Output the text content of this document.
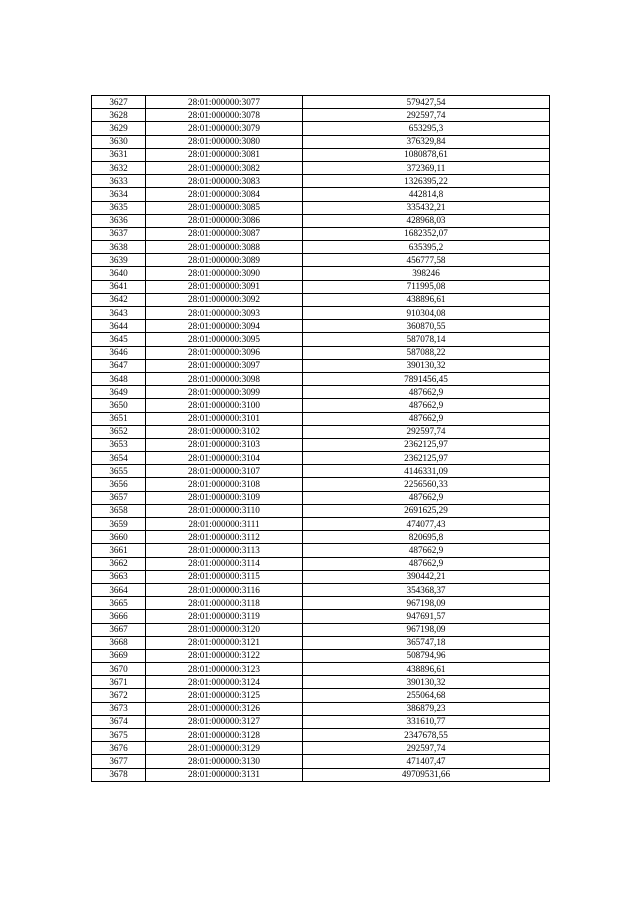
3627	28:01:000000:3077	579427,54
3628	28:01:000000:3078	292597,74
3629	28:01:000000:3079	653295,3
3630	28:01:000000:3080	376329,84
3631	28:01:000000:3081	1080878,61
3632	28:01:000000:3082	372369,11
3633	28:01:000000:3083	1326395,22
3634	28:01:000000:3084	442814,8
3635	28:01:000000:3085	335432,21
3636	28:01:000000:3086	428968,03
3637	28:01:000000:3087	1682352,07
3638	28:01:000000:3088	635395,2
3639	28:01:000000:3089	456777,58
3640	28:01:000000:3090	398246
3641	28:01:000000:3091	711995,08
3642	28:01:000000:3092	438896,61
3643	28:01:000000:3093	910304,08
3644	28:01:000000:3094	360870,55
3645	28:01:000000:3095	587078,14
3646	28:01:000000:3096	587088,22
3647	28:01:000000:3097	390130,32
3648	28:01:000000:3098	7891456,45
3649	28:01:000000:3099	487662,9
3650	28:01:000000:3100	487662,9
3651	28:01:000000:3101	487662,9
3652	28:01:000000:3102	292597,74
3653	28:01:000000:3103	2362125,97
3654	28:01:000000:3104	2362125,97
3655	28:01:000000:3107	4146331,09
3656	28:01:000000:3108	2256560,33
3657	28:01:000000:3109	487662,9
3658	28:01:000000:3110	2691625,29
3659	28:01:000000:3111	474077,43
3660	28:01:000000:3112	820695,8
3661	28:01:000000:3113	487662,9
3662	28:01:000000:3114	487662,9
3663	28:01:000000:3115	390442,21
3664	28:01:000000:3116	354368,37
3665	28:01:000000:3118	967198,09
3666	28:01:000000:3119	947691,57
3667	28:01:000000:3120	967198,09
3668	28:01:000000:3121	365747,18
3669	28:01:000000:3122	508794,96
3670	28:01:000000:3123	438896,61
3671	28:01:000000:3124	390130,32
3672	28:01:000000:3125	255064,68
3673	28:01:000000:3126	386879,23
3674	28:01:000000:3127	331610,77
3675	28:01:000000:3128	2347678,55
3676	28:01:000000:3129	292597,74
3677	28:01:000000:3130	471407,47
3678	28:01:000000:3131	49709531,66
